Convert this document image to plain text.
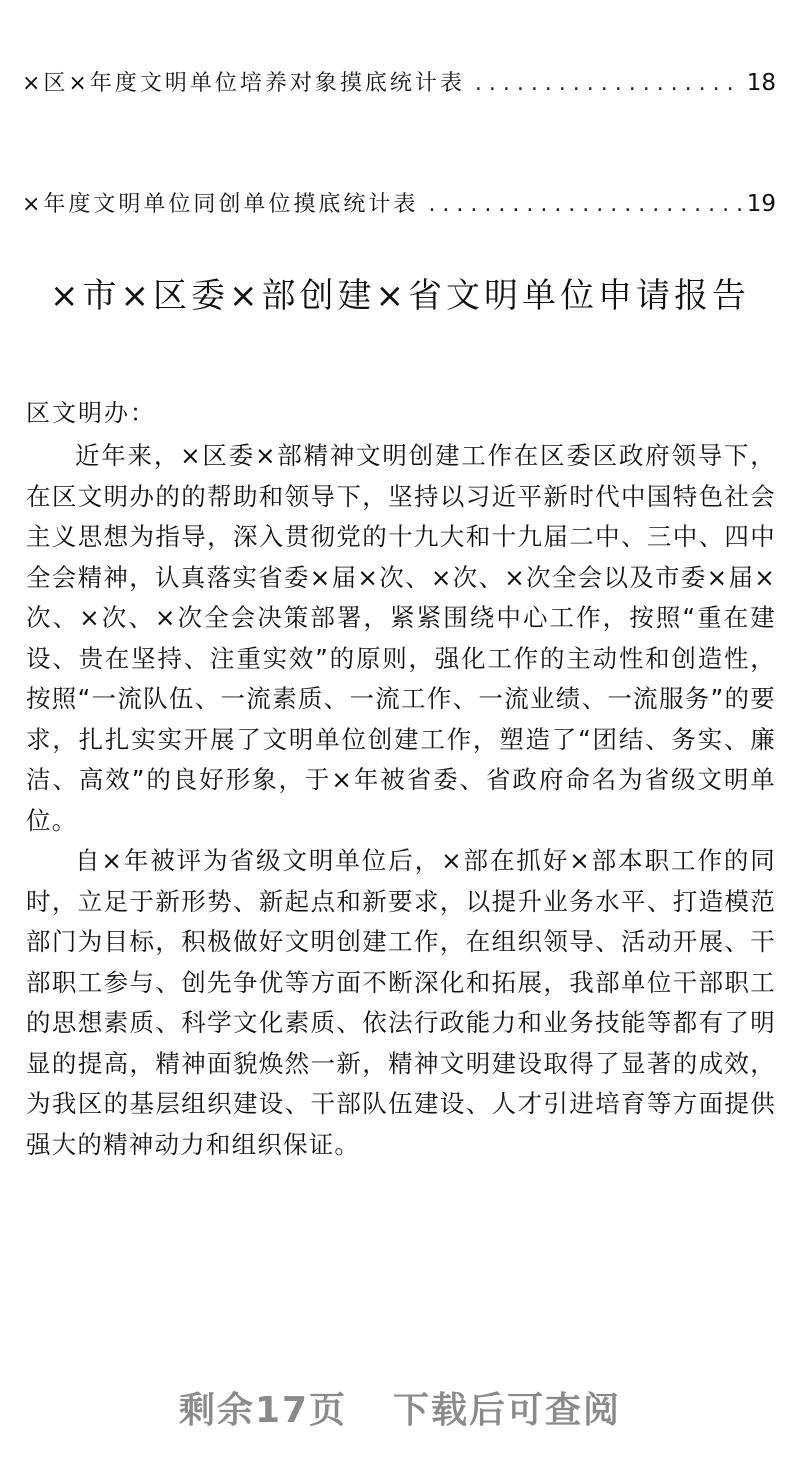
×区×年度文明单位培养对象摸底统计表 . . .	18
×年度文明单位同创单位摸底统计表 . . .	19
×市×区委×部创建×省文明单位申请报告

区文明办：

近年来，×区委×部精神文明创建工作在区委区政府领导下，在区文明办的的帮助和领导下，坚持以习近平新时代中国特色社会主义思想为指导，深入贯彻党的十九大和十九届二中、三中、四中全会精神，认真落实省委×届×次、×次、×次全会以及市委×届×次、×次、×次全会决策部署，紧紧围绕中心工作，按照“重在建设、贵在坚持、注重实效”的原则，强化工作的主动性和创造性，按照“一流队伍、一流素质、一流工作、一流业绩、一流服务”的要求，扎扎实实开展了文明单位创建工作，塑造了“团结、务实、廉洁、高效”的良好形象，于×年被省委、省政府命名为省级文明单位。

自×年被评为省级文明单位后，×部在抓好×部本职工作的同时，立足于新形势、新起点和新要求，以提升业务水平、打造模范部门为目标，积极做好文明创建工作，在组织领导、活动开展、干部职工参与、创先争优等方面不断深化和拓展，我部单位干部职工的思想素质、科学文化素质、依法行政能力和业务技能等都有了明显的提高，精神面貌焕然一新，精神文明建设取得了显著的成效，为我区的基层组织建设、干部队伍建设、人才引进培育等方面提供强大的精神动力和组织保证。

剩余17页 下载后可查阅
